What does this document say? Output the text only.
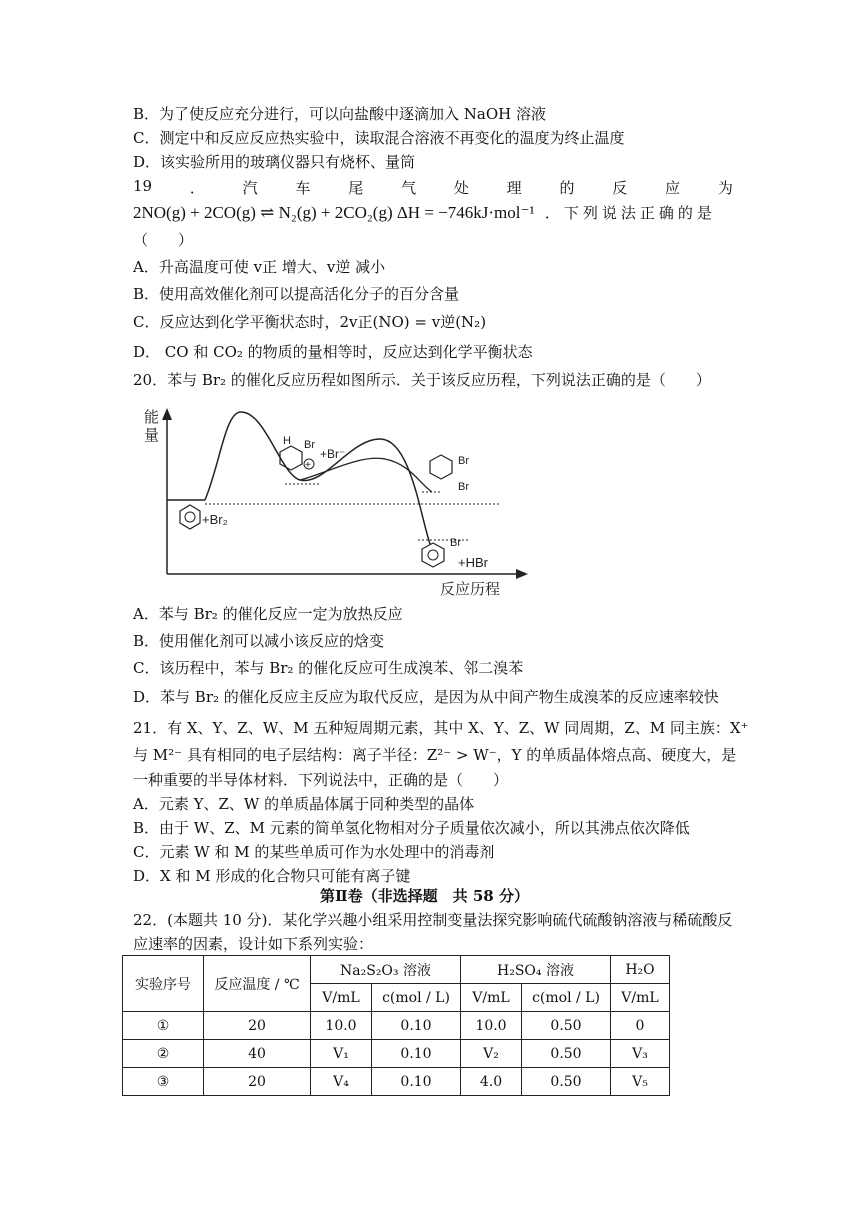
B．为了使反应充分进行，可以向盐酸中逐滴加入 NaOH 溶液
C．测定中和反应反应热实验中，读取混合溶液不再变化的温度为终止温度
D．该实验所用的玻璃仪器只有烧杯、量筒
19	．	汽	车	尾	气	处	理	的	反	应	为
2NO(g) + 2CO(g) ⇌ N₂(g) + 2CO₂(g) ΔH = −746kJ·mol⁻¹ ．下列说法正确的是
（　　）
A．升高温度可使 v正 增大、v逆 减小
B．使用高效催化剂可以提高活化分子的百分含量
C．反应达到化学平衡状态时，2v正(NO) = v逆(N₂)
D． CO 和 CO₂ 的物质的量相等时，反应达到化学平衡状态
20．苯与 Br₂ 的催化反应历程如图所示．关于该反应历程，下列说法正确的是（　　）
能
量
反应历程
+Br₂
H Br
+
+Br⁻	Br
Br
Br
+HBr
A．苯与 Br₂ 的催化反应一定为放热反应
B．使用催化剂可以减小该反应的焓变
C．该历程中，苯与 Br₂ 的催化反应可生成溴苯、邻二溴苯
D．苯与 Br₂ 的催化反应主反应为取代反应，是因为从中间产物生成溴苯的反应速率较快
21．有 X、Y、Z、W、M 五种短周期元素，其中 X、Y、Z、W 同周期，Z、M 同主族：X⁺
与 M²⁻ 具有相同的电子层结构：离子半径：Z²⁻ > W⁻，Y 的单质晶体熔点高、硬度大，是
一种重要的半导体材料．下列说法中，正确的是（　　）
A．元素 Y、Z、W 的单质晶体属于同种类型的晶体
B．由于 W、Z、M 元素的简单氢化物相对分子质量依次减小，所以其沸点依次降低
C．元素 W 和 M 的某些单质可作为水处理中的消毒剂
D．X 和 M 形成的化合物只可能有离子键
第Ⅱ卷（非选择题　共 58 分）
22．(本题共 10 分)．某化学兴趣小组采用控制变量法探究影响硫代硫酸钠溶液与稀硫酸反
应速率的因素，设计如下系列实验：
实验序号	反应温度 / ℃	Na₂S₂O₃ 溶液		H₂SO₄ 溶液		H₂O
		V/mL	c(mol / L)	V/mL	c(mol / L)	V/mL
①	20	10.0	0.10	10.0	0.50	0
②	40	V₁	0.10	V₂	0.50	V₃
③	20	V₄	0.10	4.0	0.50	V₅
